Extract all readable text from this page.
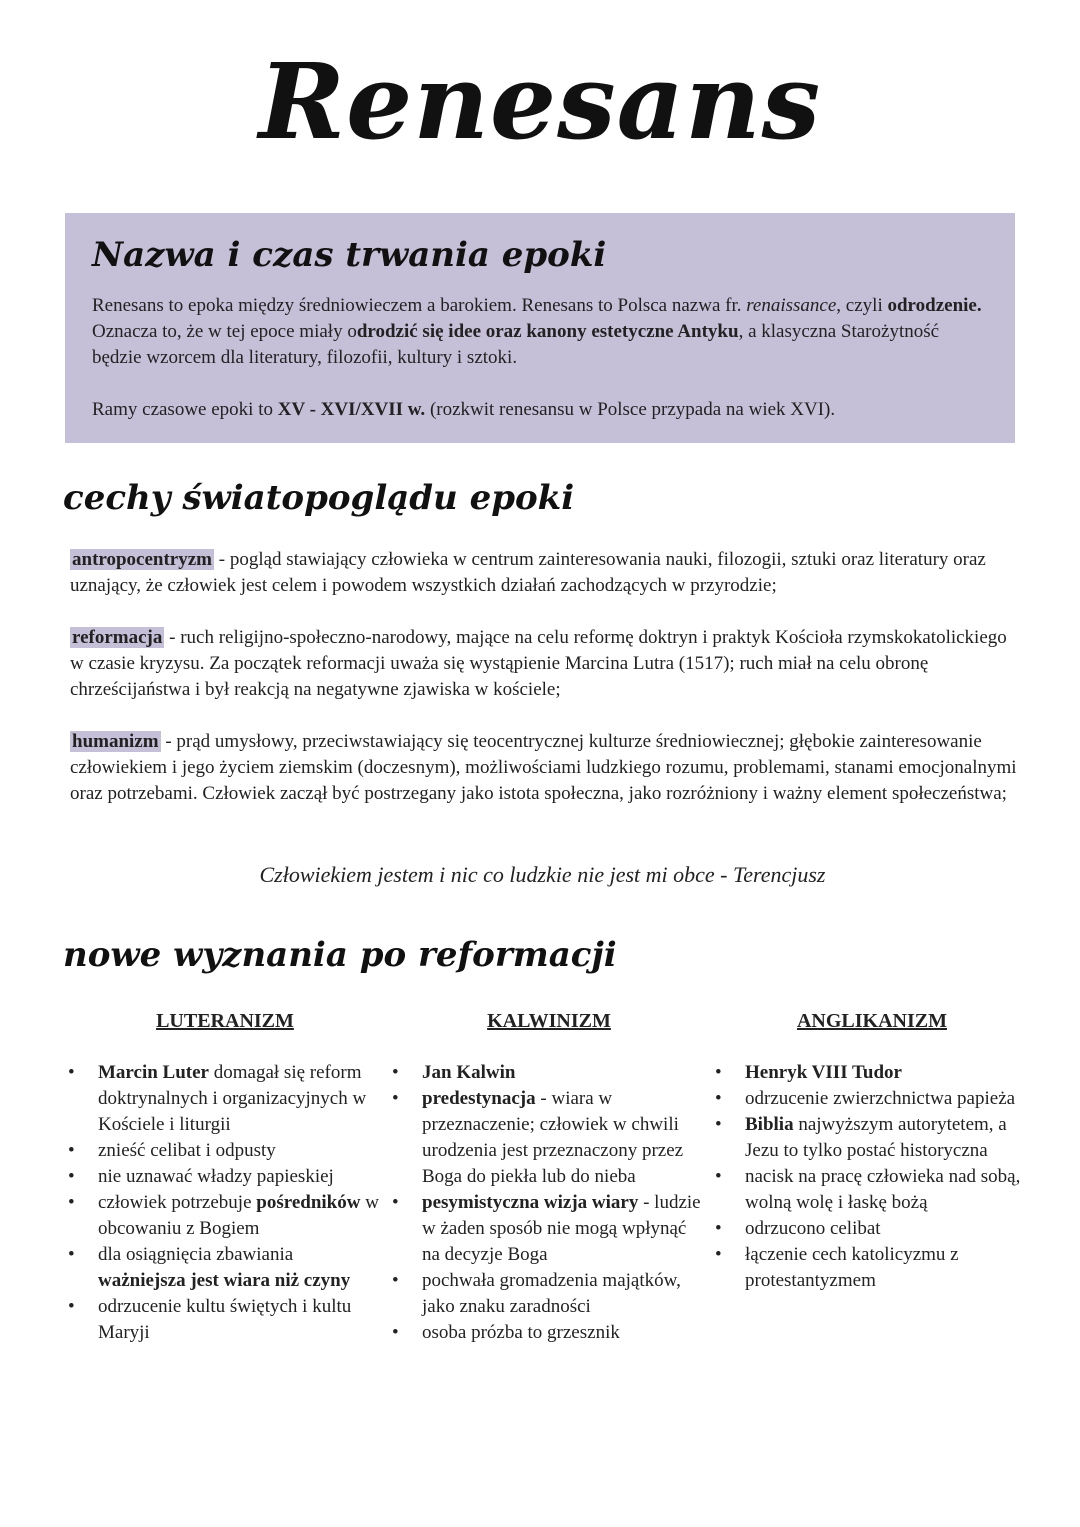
Renesans
Nazwa i czas trwania epoki

Renesans to epoka między średniowieczem a barokiem. Renesans to Polsca nazwa fr. renaissance, czyli odrodzenie. Oznacza to, że w tej epoce miały odrodzić się idee oraz kanony estetyczne Antyku, a klasyczna Starożytność będzie wzorcem dla literatury, filozofii, kultury i sztoki.

Ramy czasowe epoki to XV - XVI/XVII w. (rozkwit renesansu w Polsce przypada na wiek XVI).

cechy światopoglądu epoki

antropocentryzm - pogląd stawiający człowieka w centrum zainteresowania nauki, filozogii, sztuki oraz literatury oraz uznający, że człowiek jest celem i powodem wszystkich działań zachodzących w przyrodzie;

reformacja - ruch religijno-społeczno-narodowy, mające na celu reformę doktryn i praktyk Kościoła rzymskokatolickiego w czasie kryzysu. Za początek reformacji uważa się wystąpienie Marcina Lutra (1517); ruch miał na celu obronę chrześcijaństwa i był reakcją na negatywne zjawiska w kościele;

humanizm - prąd umysłowy, przeciwstawiający się teocentrycznej kulturze średniowiecznej; głębokie zainteresowanie człowiekiem i jego życiem ziemskim (doczesnym), możliwościami ludzkiego rozumu, problemami, stanami emocjonalnymi oraz potrzebami. Człowiek zaczął być postrzegany jako istota społeczna, jako rozróżniony i ważny element społeczeństwa;

Człowiekiem jestem i nic co ludzkie nie jest mi obce - Terencjusz
nowe wyznania po reformacji
LUTERANIZM
• Marcin Luter domagał się reform doktrynalnych i organizacyjnych w Kościele i liturgii
• znieść celibat i odpusty
• nie uznawać władzy papieskiej
• człowiek potrzebuje pośredników w obcowaniu z Bogiem
• dla osiągnięcia zbawiania ważniejsza jest wiara niż czyny
• odrzucenie kultu świętych i kultu Maryji
KALWINIZM
• Jan Kalwin
• predestynacja - wiara w przeznaczenie; człowiek w chwili urodzenia jest przeznaczony przez Boga do piekła lub do nieba
• pesymistyczna wizja wiary - ludzie w żaden sposób nie mogą wpłynąć na decyzje Boga
• pochwała gromadzenia majątków, jako znaku zaradności
• osoba prózba to grzesznik
ANGLIKANIZM
• Henryk VIII Tudor
• odrzucenie zwierzchnictwa papieża
• Biblia najwyższym autorytetem, a Jezu to tylko postać historyczna
• nacisk na pracę człowieka nad sobą, wolną wolę i łaskę bożą
• odrzucono celibat
• łączenie cech katolicyzmu z protestantyzmem
